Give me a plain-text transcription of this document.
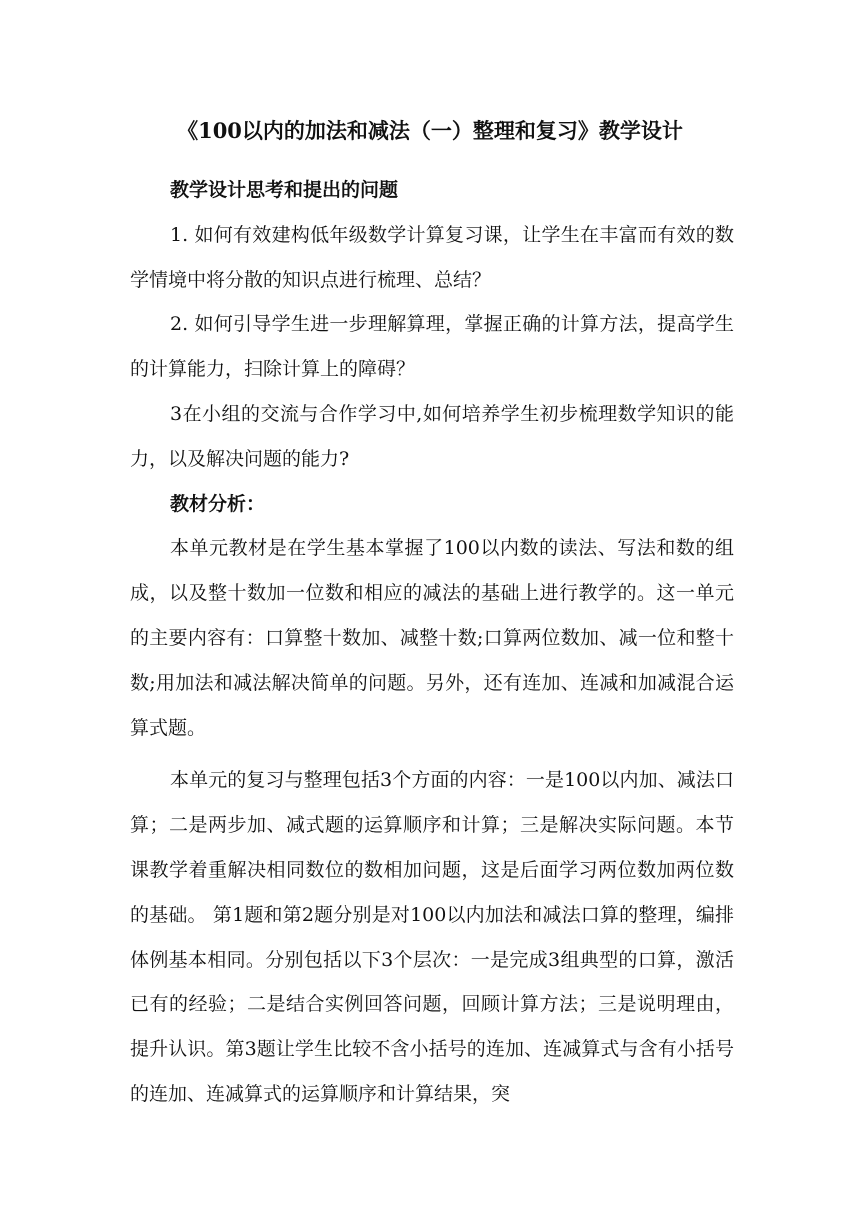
《100以内的加法和减法（一）整理和复习》教学设计

教学设计思考和提出的问题

1. 如何有效建构低年级数学计算复习课，让学生在丰富而有效的数学情境中将分散的知识点进行梳理、总结？

2. 如何引导学生进一步理解算理，掌握正确的计算方法，提高学生的计算能力，扫除计算上的障碍？

3在小组的交流与合作学习中,如何培养学生初步梳理数学知识的能力，以及解决问题的能力?

教材分析：

本单元教材是在学生基本掌握了100以内数的读法、写法和数的组成，以及整十数加一位数和相应的减法的基础上进行教学的。这一单元的主要内容有：口算整十数加、减整十数;口算两位数加、减一位和整十数;用加法和减法解决简单的问题。另外，还有连加、连减和加减混合运算式题。

本单元的复习与整理包括3个方面的内容：一是100以内加、减法口算；二是两步加、减式题的运算顺序和计算；三是解决实际问题。本节课教学着重解决相同数位的数相加问题，这是后面学习两位数加两位数的基础。 第1题和第2题分别是对100以内加法和减法口算的整理，编排体例基本相同。分别包括以下3个层次：一是完成3组典型的口算，激活已有的经验；二是结合实例回答问题，回顾计算方法；三是说明理由，提升认识。第3题让学生比较不含小括号的连加、连减算式与含有小括号的连加、连减算式的运算顺序和计算结果，突
